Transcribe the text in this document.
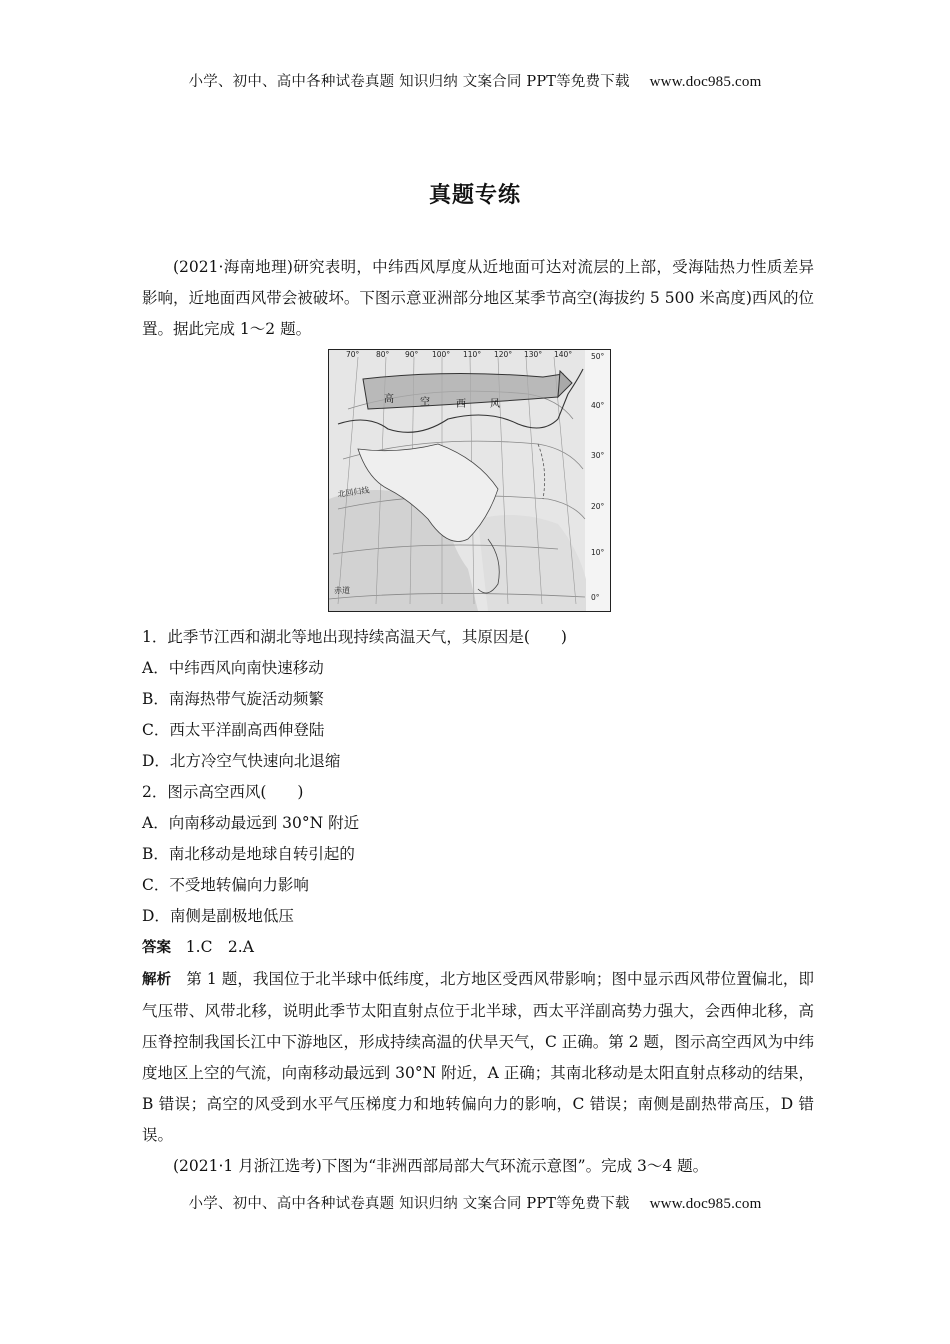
小学、初中、高中各种试卷真题 知识归纳 文案合同 PPT等免费下载 www.doc985.com
真题专练

(2021·海南地理)研究表明，中纬西风厚度从近地面可达对流层的上部，受海陆热力性质差异影响，近地面西风带会被破坏。下图示意亚洲部分地区某季节高空(海拔约 5 500 米高度)西风的位置。据此完成 1～2 题。

高	空	西 风
北回归线
赤道
70° 80° 90° 100° 110° 120° 130° 140°	50°
40°
30°
20°
10°
0°

1．此季节江西和湖北等地出现持续高温天气，其原因是(　　)

A．中纬西风向南快速移动

B．南海热带气旋活动频繁

C．西太平洋副高西伸登陆

D．北方冷空气快速向北退缩

2．图示高空西风(　　)

A．向南移动最远到 30°N 附近

B．南北移动是地球自转引起的

C．不受地转偏向力影响

D．南侧是副极地低压

答案 1.C　2.A

解析 第 1 题，我国位于北半球中低纬度，北方地区受西风带影响；图中显示西风带位置偏北，即气压带、风带北移，说明此季节太阳直射点位于北半球，西太平洋副高势力强大，会西伸北移，高压脊控制我国长江中下游地区，形成持续高温的伏旱天气，C 正确。第 2 题，图示高空西风为中纬度地区上空的气流，向南移动最远到 30°N 附近，A 正确；其南北移动是太阳直射点移动的结果，B 错误；高空的风受到水平气压梯度力和地转偏向力的影响，C 错误；南侧是副热带高压，D 错误。

(2021·1 月浙江选考)下图为“非洲西部局部大气环流示意图”。完成 3～4 题。

小学、初中、高中各种试卷真题 知识归纳 文案合同 PPT等免费下载 www.doc985.com
